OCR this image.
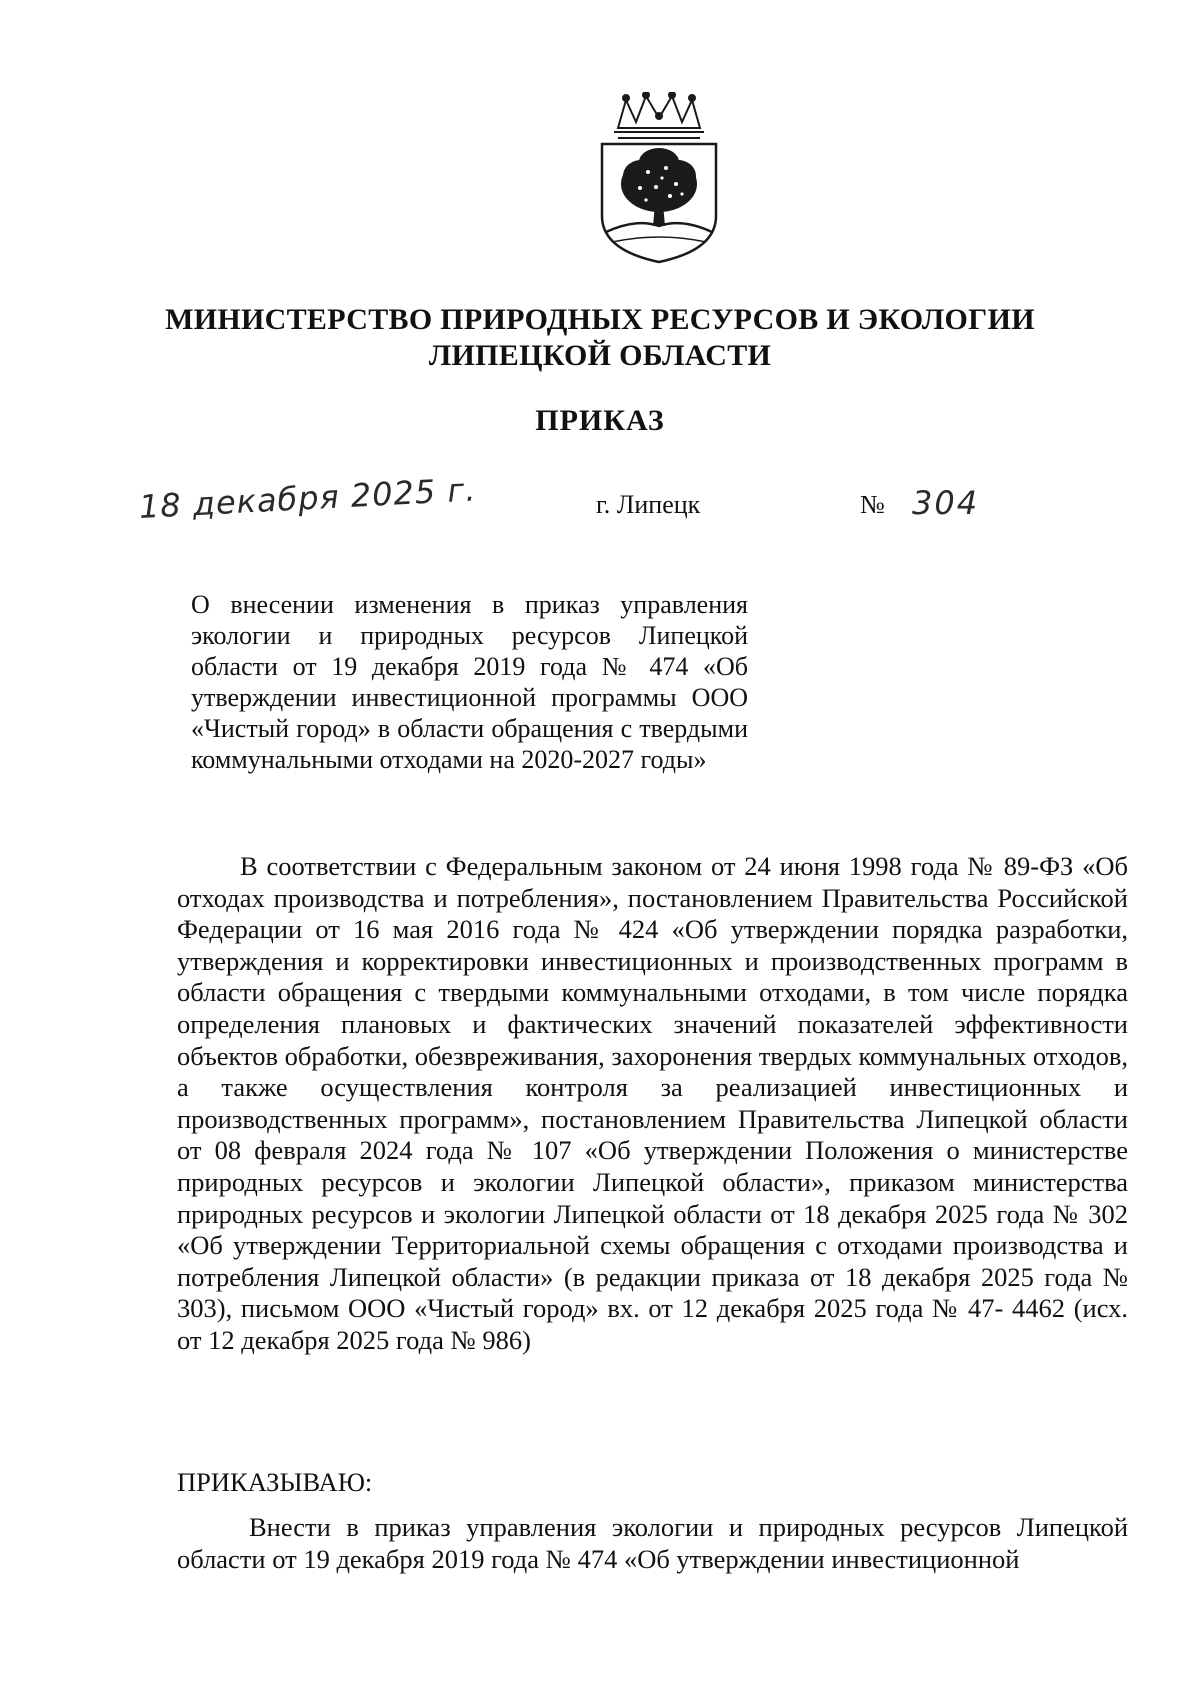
МИНИСТЕРСТВО ПРИРОДНЫХ РЕСУРСОВ И ЭКОЛОГИИ
ЛИПЕЦКОЙ ОБЛАСТИ
ПРИКАЗ
18 декабря 2025 г.	г. Липецк	№ 304
О внесении изменения в приказ управления экологии и природных ресурсов Липецкой области от 19 декабря 2019 года № 474 «Об утверждении инвестиционной программы ООО «Чистый город» в области обращения с твердыми коммунальными отходами на 2020-2027 годы»
В соответствии с Федеральным законом от 24 июня 1998 года № 89-ФЗ «Об отходах производства и потребления», постановлением Правительства Российской Федерации от 16 мая 2016 года № 424 «Об утверждении порядка разработки, утверждения и корректировки инвестиционных и производственных программ в области обращения с твердыми коммунальными отходами, в том числе порядка определения плановых и фактических значений показателей эффективности объектов обработки, обезвреживания, захоронения твердых коммунальных отходов, а также осуществления контроля за реализацией инвестиционных и производственных программ», постановлением Правительства Липецкой области от 08 февраля 2024 года № 107 «Об утверждении Положения о министерстве природных ресурсов и экологии Липецкой области», приказом министерства природных ресурсов и экологии Липецкой области от 18 декабря 2025 года № 302 «Об утверждении Территориальной схемы обращения с отходами производства и потребления Липецкой области» (в редакции приказа от 18 декабря 2025 года № 303), письмом ООО «Чистый город» вх. от 12 декабря 2025 года № 47- 4462 (исх. от 12 декабря 2025 года № 986)
ПРИКАЗЫВАЮ:
Внести в приказ управления экологии и природных ресурсов Липецкой области от 19 декабря 2019 года № 474 «Об утверждении инвестиционной
